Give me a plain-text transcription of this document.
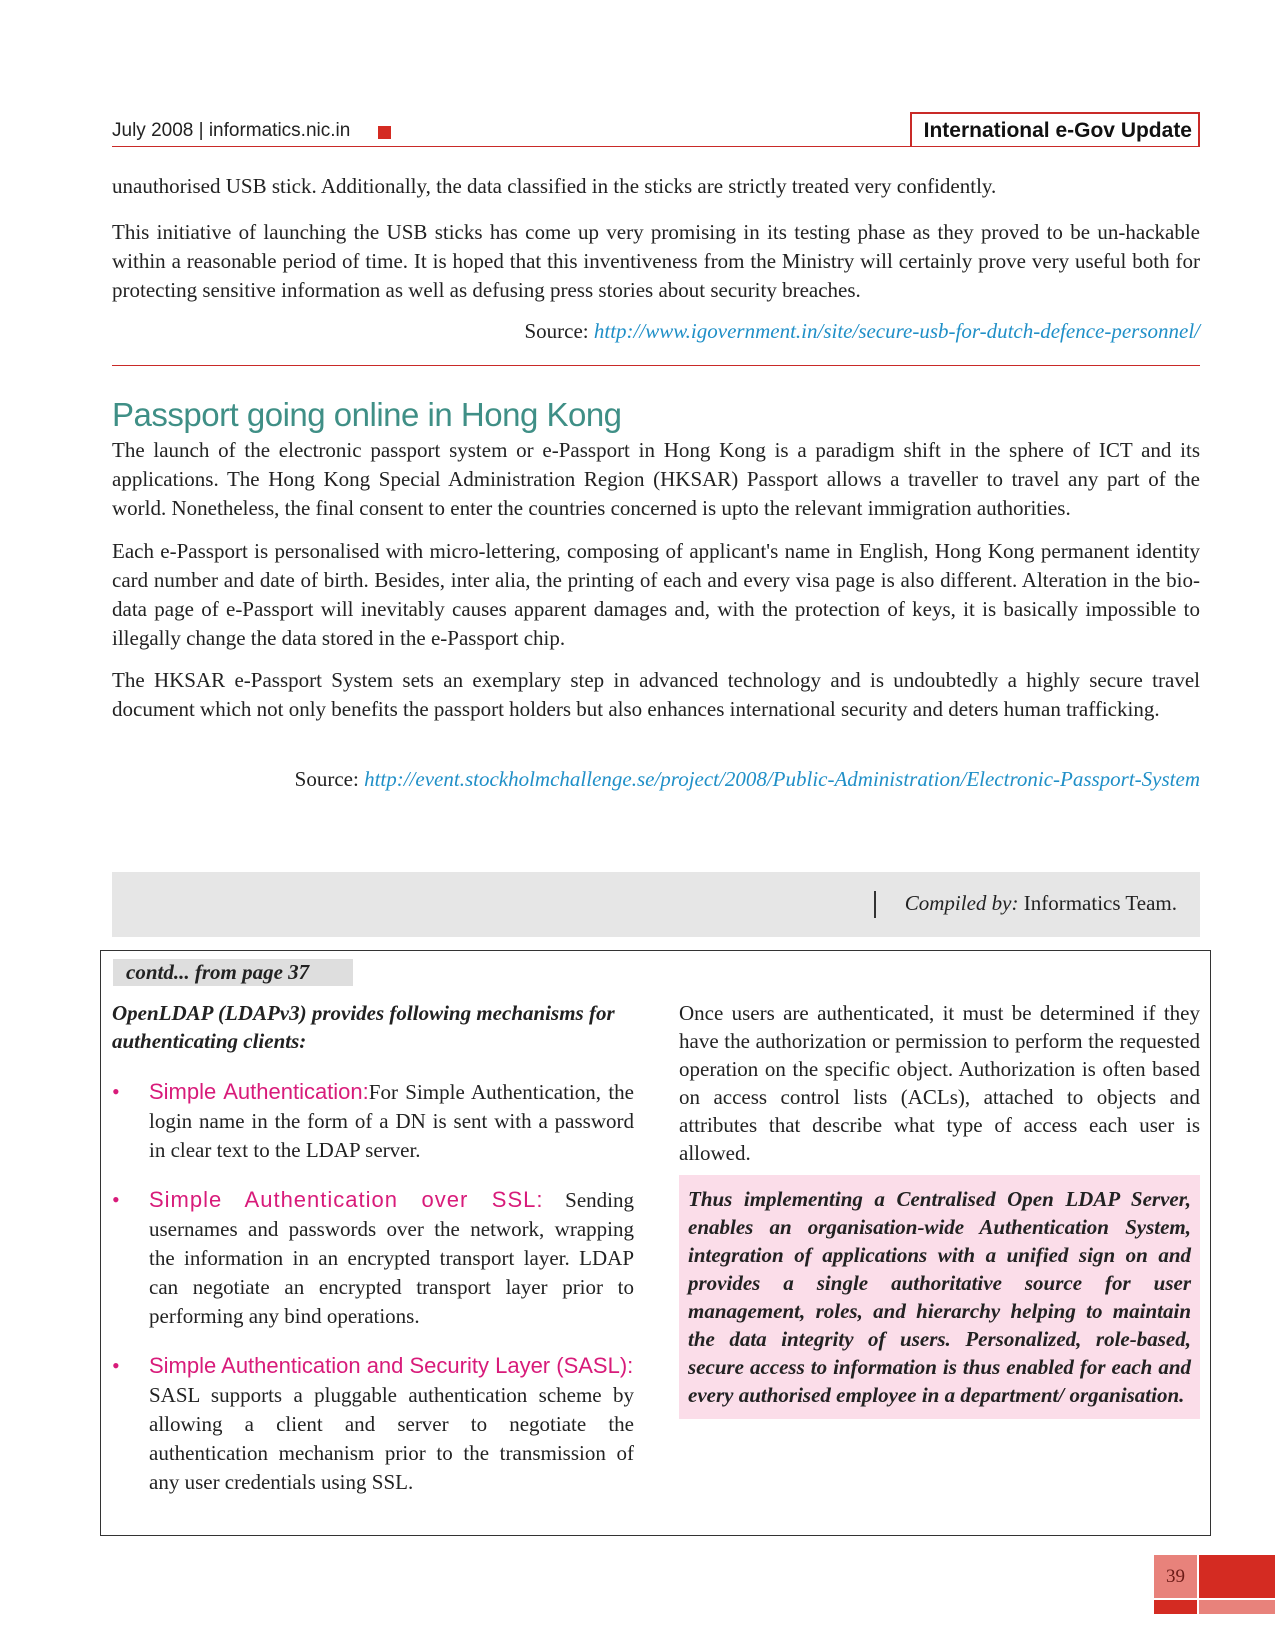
July 2008 | informatics.nic.in	International e-Gov Update

unauthorised USB stick. Additionally, the data classified in the sticks are strictly treated very confidently.

This initiative of launching the USB sticks has come up very promising in its testing phase as they proved to be un-hackable within a reasonable period of time. It is hoped that this inventiveness from the Ministry will certainly prove very useful both for protecting sensitive information as well as defusing press stories about security breaches.

Source: http://www.igovernment.in/site/secure-usb-for-dutch-defence-personnel/
Passport going online in Hong Kong

The launch of the electronic passport system or e-Passport in Hong Kong is a paradigm shift in the sphere of ICT and its applications. The Hong Kong Special Administration Region (HKSAR) Passport allows a traveller to travel any part of the world. Nonetheless, the final consent to enter the countries concerned is upto the relevant immigration authorities.

Each e-Passport is personalised with micro-lettering, composing of applicant's name in English, Hong Kong permanent identity card number and date of birth. Besides, inter alia, the printing of each and every visa page is also different. Alteration in the bio-data page of e-Passport will inevitably causes apparent damages and, with the protection of keys, it is basically impossible to illegally change the data stored in the e-Passport chip.

The HKSAR e-Passport System sets an exemplary step in advanced technology and is undoubtedly a highly secure travel document which not only benefits the passport holders but also enhances international security and deters human trafficking.

Source: http://event.stockholmchallenge.se/project/2008/Public-Administration/Electronic-Passport-System
Compiled by: Informatics Team.
contd... from page 37

OpenLDAP (LDAPv3) provides following mechanisms for authenticating clients:

• Simple Authentication:For Simple Authentication, the login name in the form of a DN is sent with a password in clear text to the LDAP server.

• Simple Authentication over SSL: Sending usernames and passwords over the network, wrapping the information in an encrypted transport layer. LDAP can negotiate an encrypted transport layer prior to performing any bind operations.

• Simple Authentication and Security Layer (SASL):

SASL supports a pluggable authentication scheme by allowing a client and server to negotiate the authentication mechanism prior to the transmission of any user credentials using SSL.

Once users are authenticated, it must be determined if they have the authorization or permission to perform the requested operation on the specific object. Authorization is often based on access control lists (ACLs), attached to objects and attributes that describe what type of access each user is allowed.

Thus implementing a Centralised Open LDAP Server, enables an organisation-wide Authentication System, integration of applications with a unified sign on and provides a single authoritative source for user management, roles, and hierarchy helping to maintain the data integrity of users. Personalized, role-based, secure access to information is thus enabled for each and every authorised employee in a department/ organisation.
39
